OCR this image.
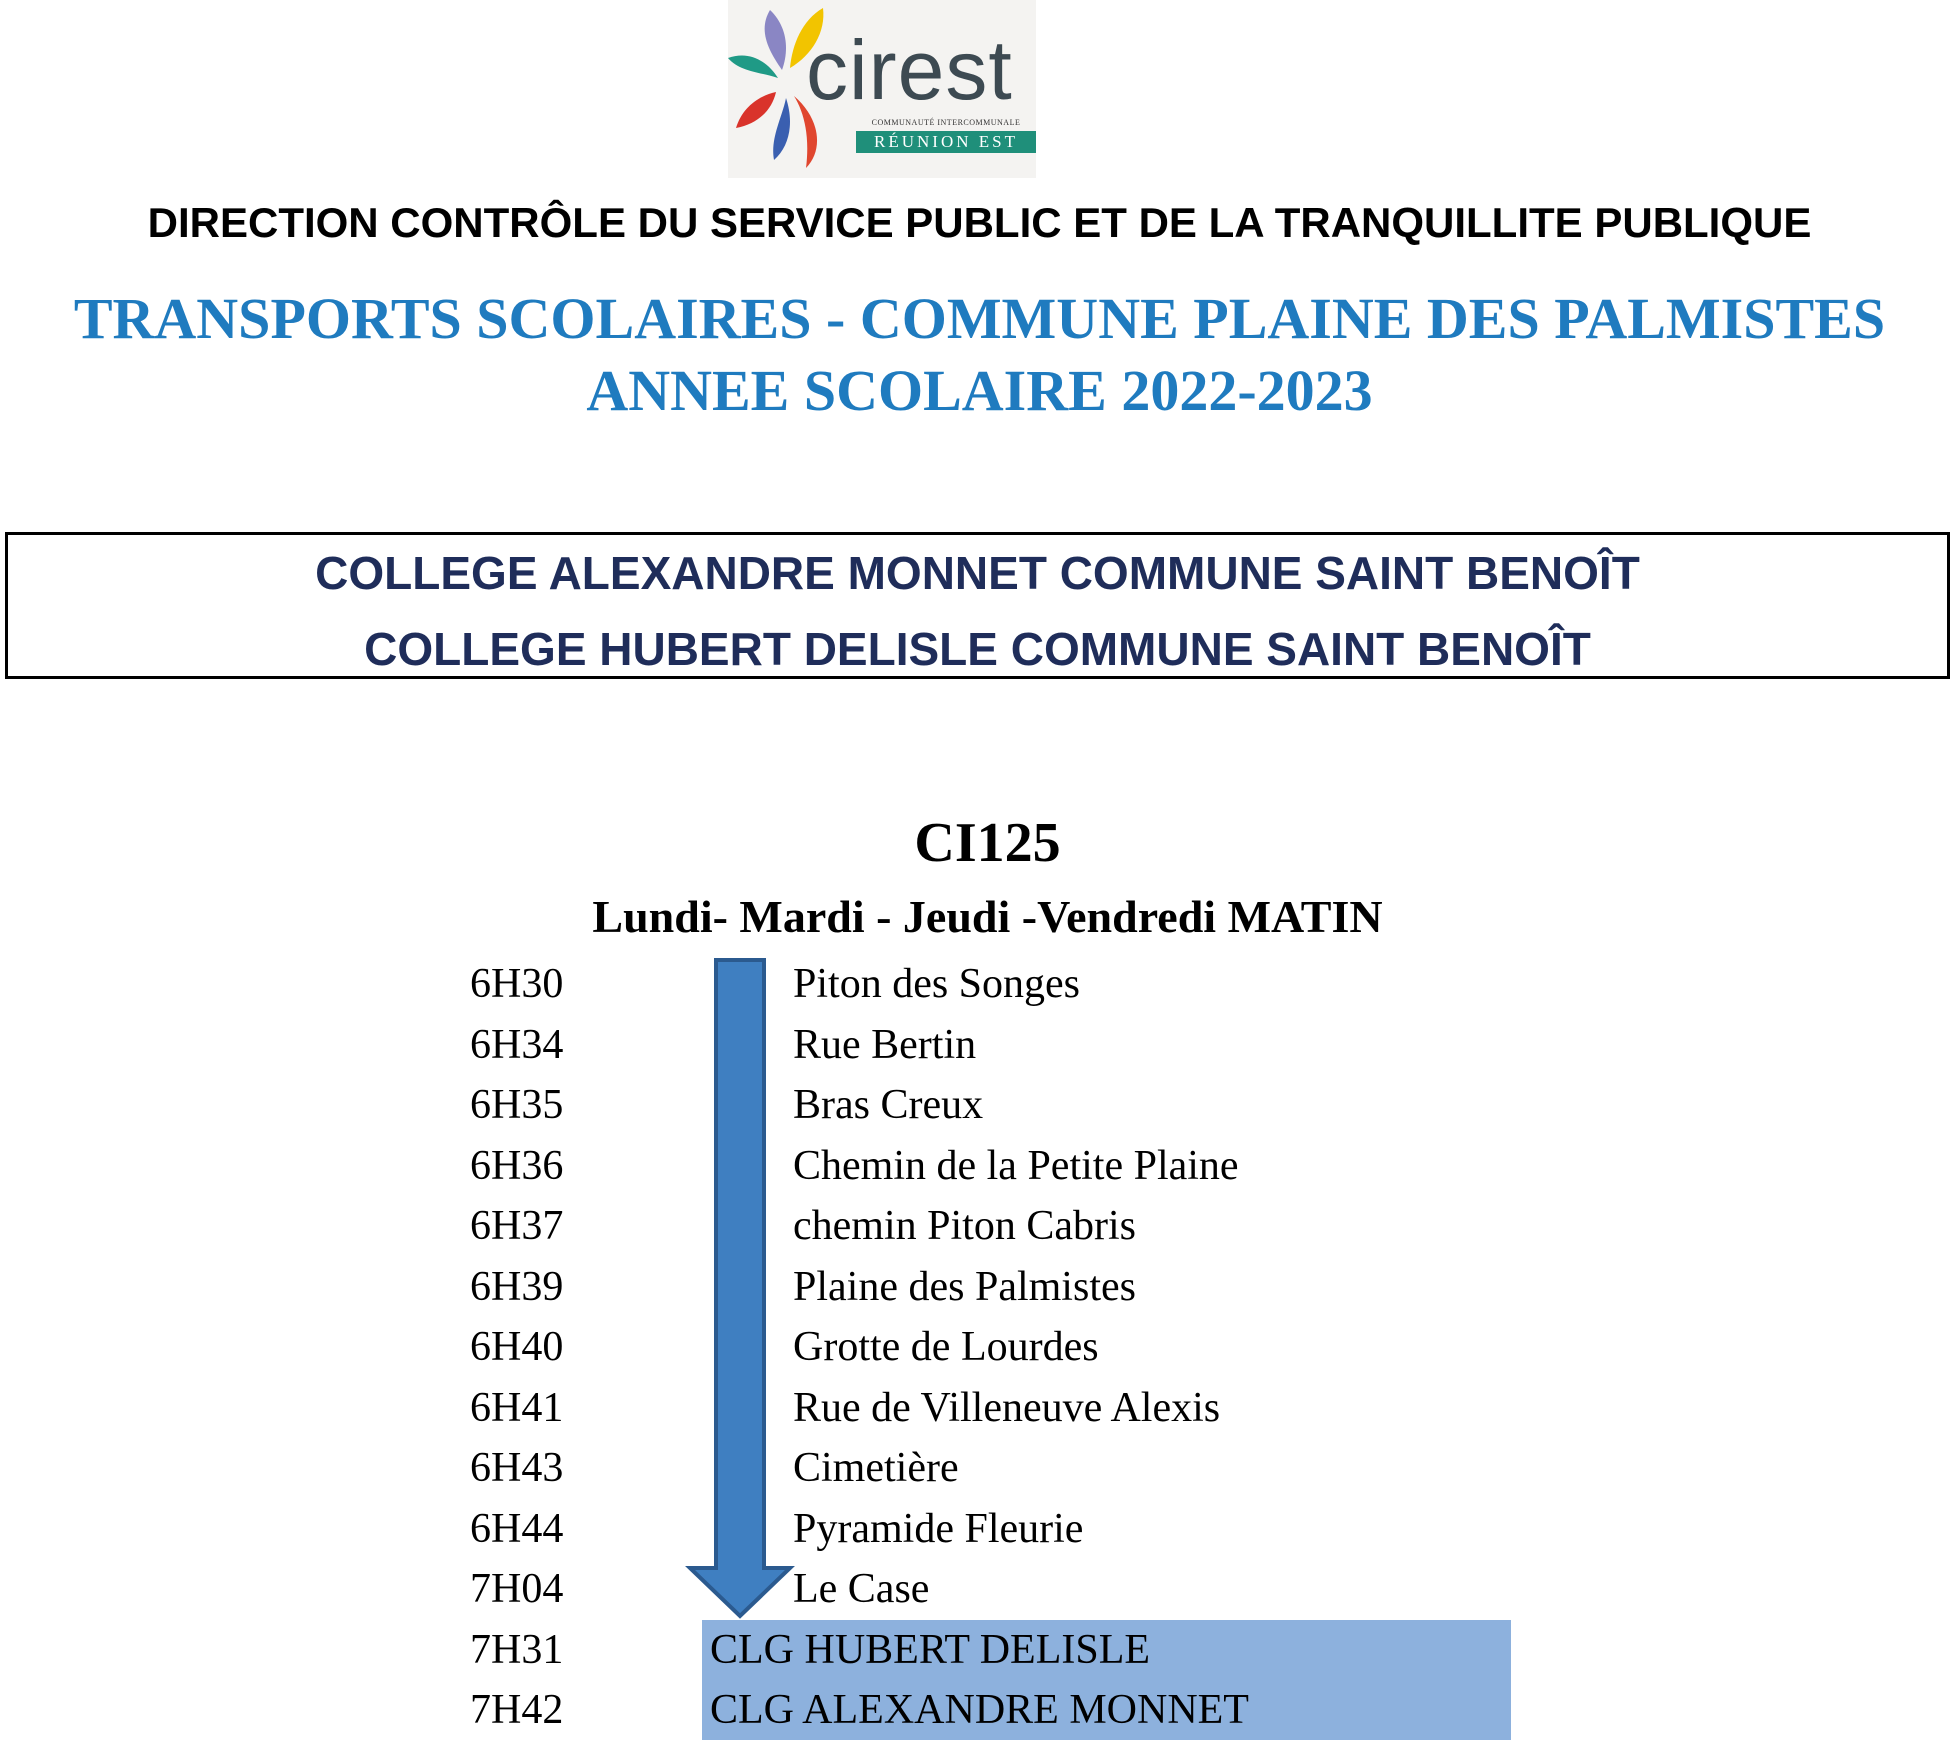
cirest
COMMUNAUTÉ INTERCOMMUNALE
RÉUNION EST
DIRECTION CONTRÔLE DU SERVICE PUBLIC ET DE LA TRANQUILLITE PUBLIQUE
TRANSPORTS SCOLAIRES - COMMUNE PLAINE DES PALMISTES
ANNEE SCOLAIRE 2022-2023
COLLEGE ALEXANDRE MONNET COMMUNE SAINT BENOÎT
COLLEGE HUBERT DELISLE COMMUNE SAINT BENOÎT
CI125
Lundi- Mardi - Jeudi -Vendredi MATIN
6H30
6H34
6H35
6H36
6H37
6H39
6H40
6H41
6H43
6H44
7H04
7H31
7H42
Piton des Songes
Rue Bertin
Bras Creux
Chemin de la Petite Plaine
chemin Piton Cabris
Plaine des Palmistes
Grotte de Lourdes
Rue de Villeneuve Alexis
Cimetière
Pyramide Fleurie
Le Case
CLG HUBERT DELISLE
CLG ALEXANDRE MONNET
